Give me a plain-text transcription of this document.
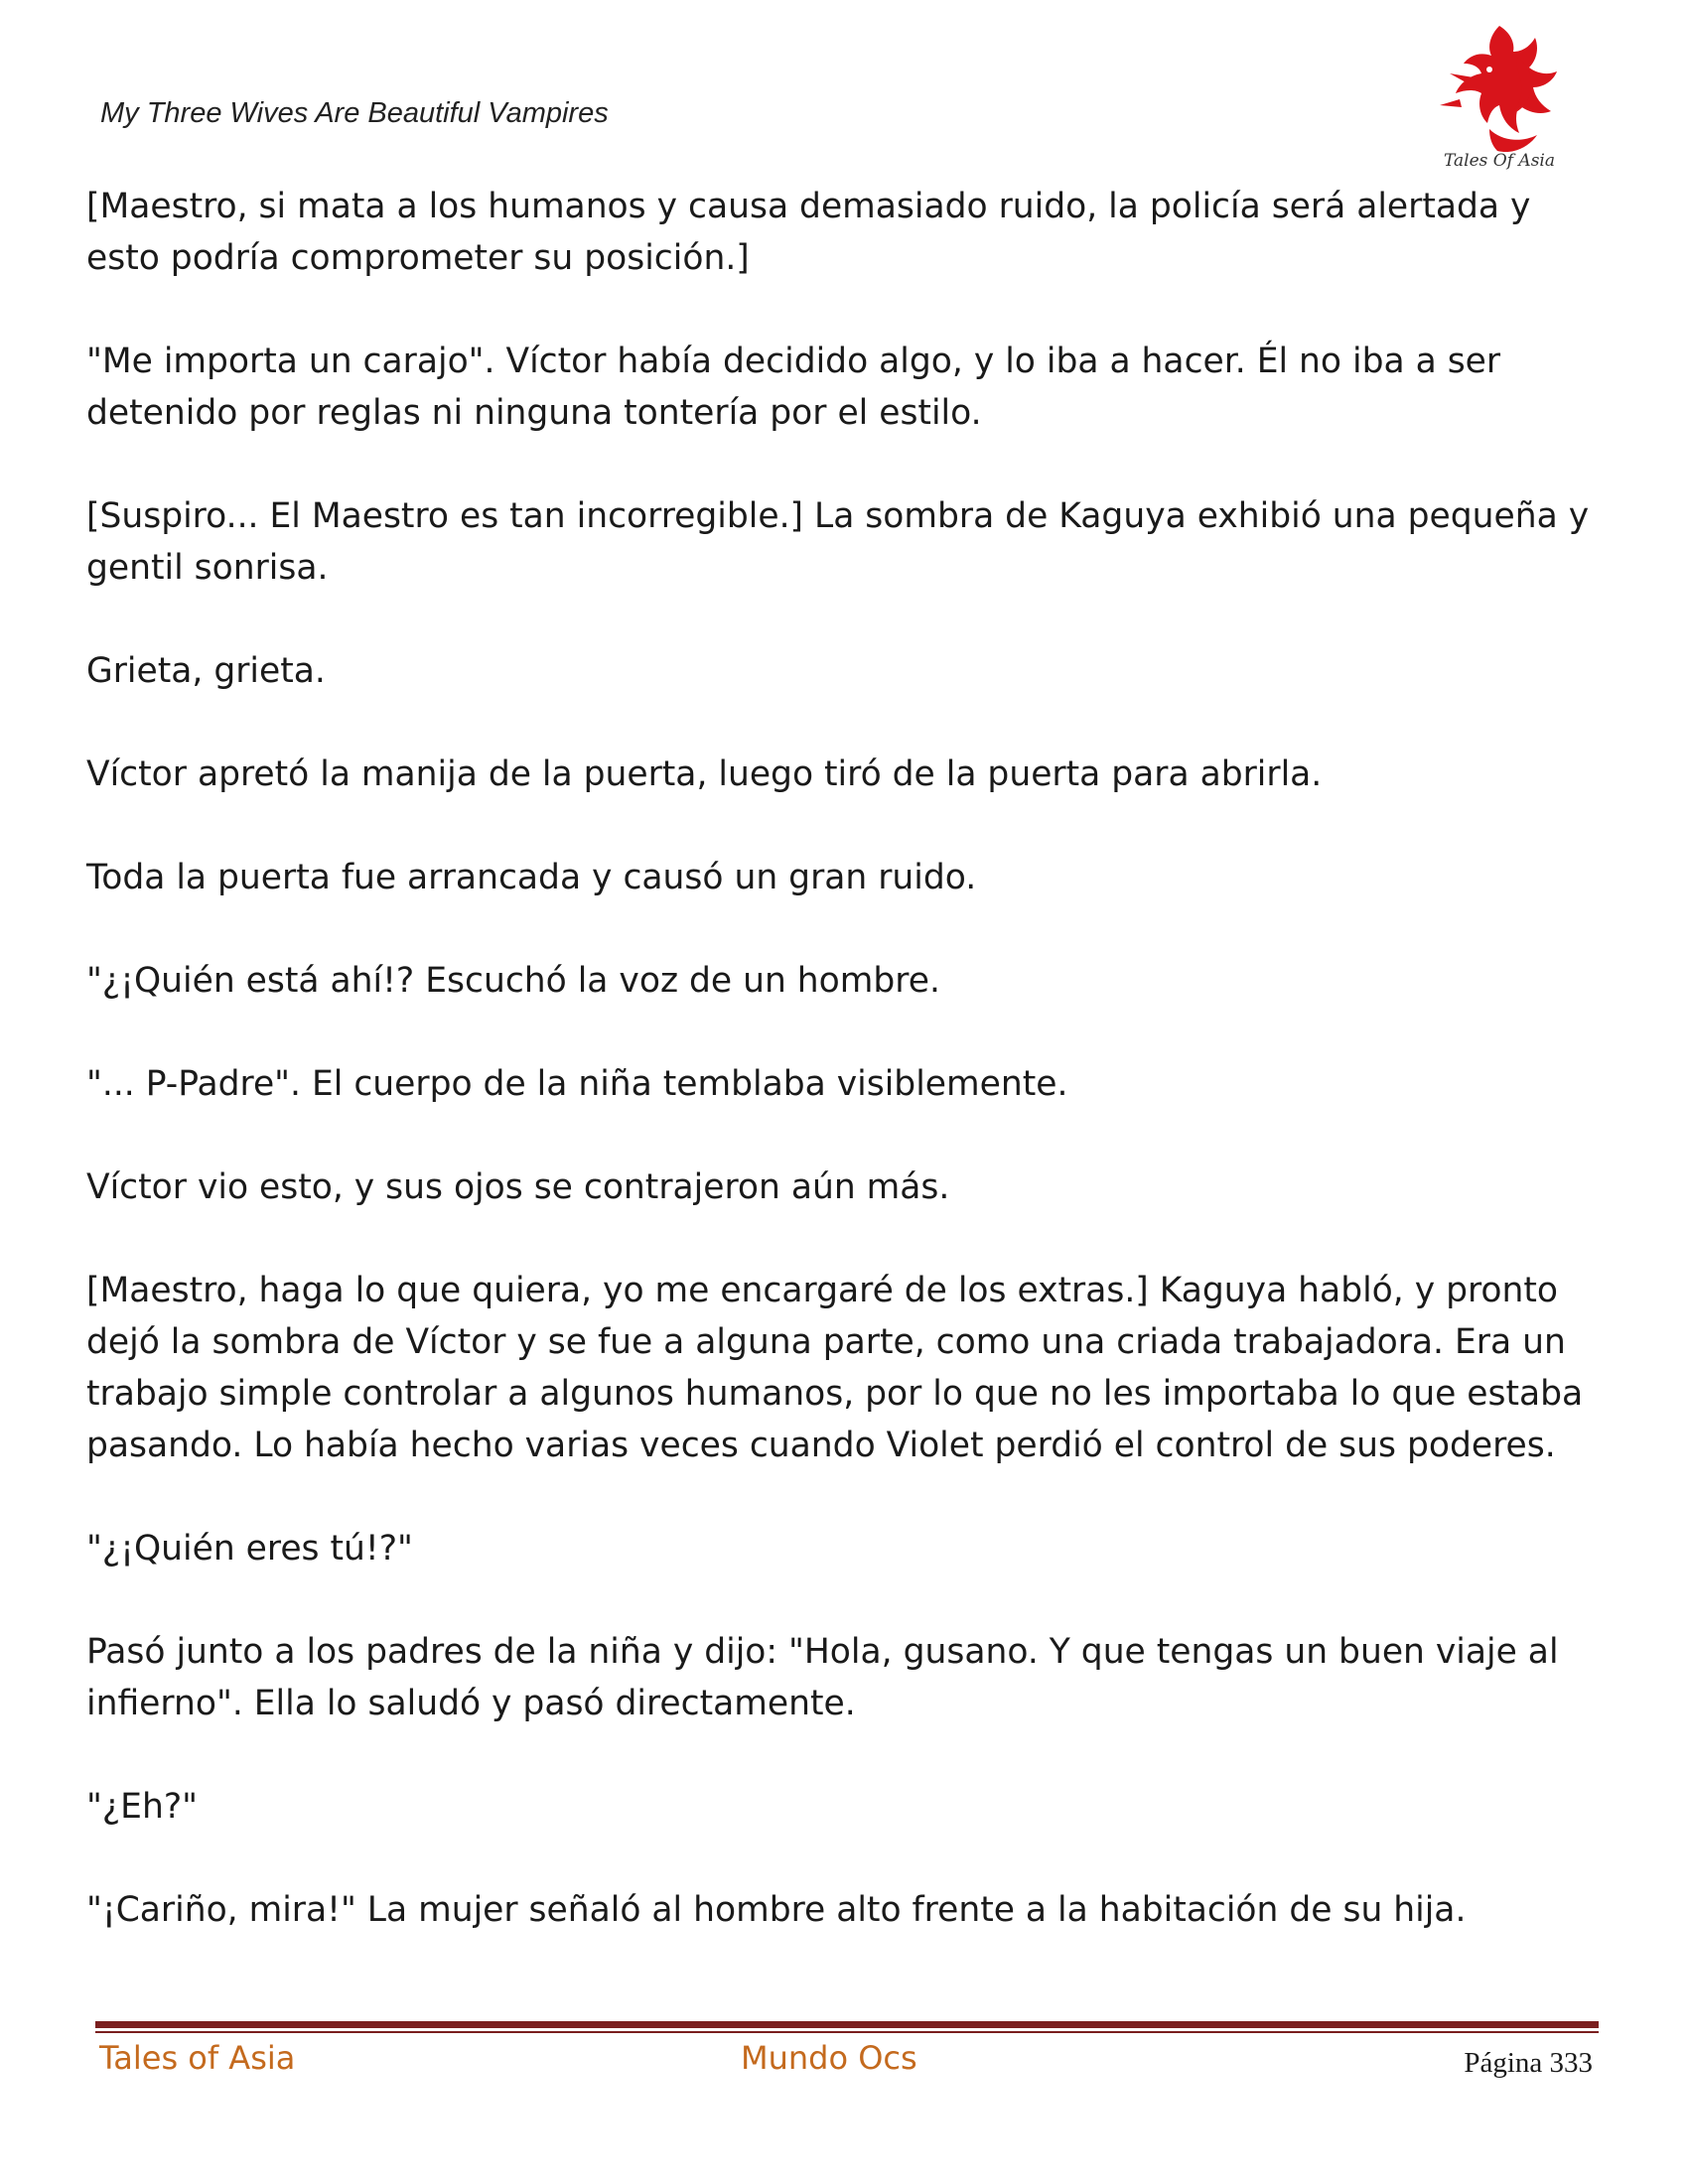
My Three Wives Are Beautiful Vampires
Tales Of Asia

[Maestro, si mata a los humanos y causa demasiado ruido, la policía será alertada y esto podría comprometer su posición.]

"Me importa un carajo". Víctor había decidido algo, y lo iba a hacer. Él no iba a ser detenido por reglas ni ninguna tontería por el estilo.

[Suspiro... El Maestro es tan incorregible.] La sombra de Kaguya exhibió una pequeña y gentil sonrisa.

Grieta, grieta.

Víctor apretó la manija de la puerta, luego tiró de la puerta para abrirla.

Toda la puerta fue arrancada y causó un gran ruido.

"¿¡Quién está ahí!? Escuchó la voz de un hombre.

"... P-Padre". El cuerpo de la niña temblaba visiblemente.

Víctor vio esto, y sus ojos se contrajeron aún más.

[Maestro, haga lo que quiera, yo me encargaré de los extras.] Kaguya habló, y pronto dejó la sombra de Víctor y se fue a alguna parte, como una criada trabajadora. Era un trabajo simple controlar a algunos humanos, por lo que no les importaba lo que estaba pasando. Lo había hecho varias veces cuando Violet perdió el control de sus poderes.

"¿¡Quién eres tú!?"

Pasó junto a los padres de la niña y dijo: "Hola, gusano. Y que tengas un buen viaje al infierno". Ella lo saludó y pasó directamente.

"¿Eh?"

"¡Cariño, mira!" La mujer señaló al hombre alto frente a la habitación de su hija.

Tales of Asia	Mundo Ocs	Página 333
